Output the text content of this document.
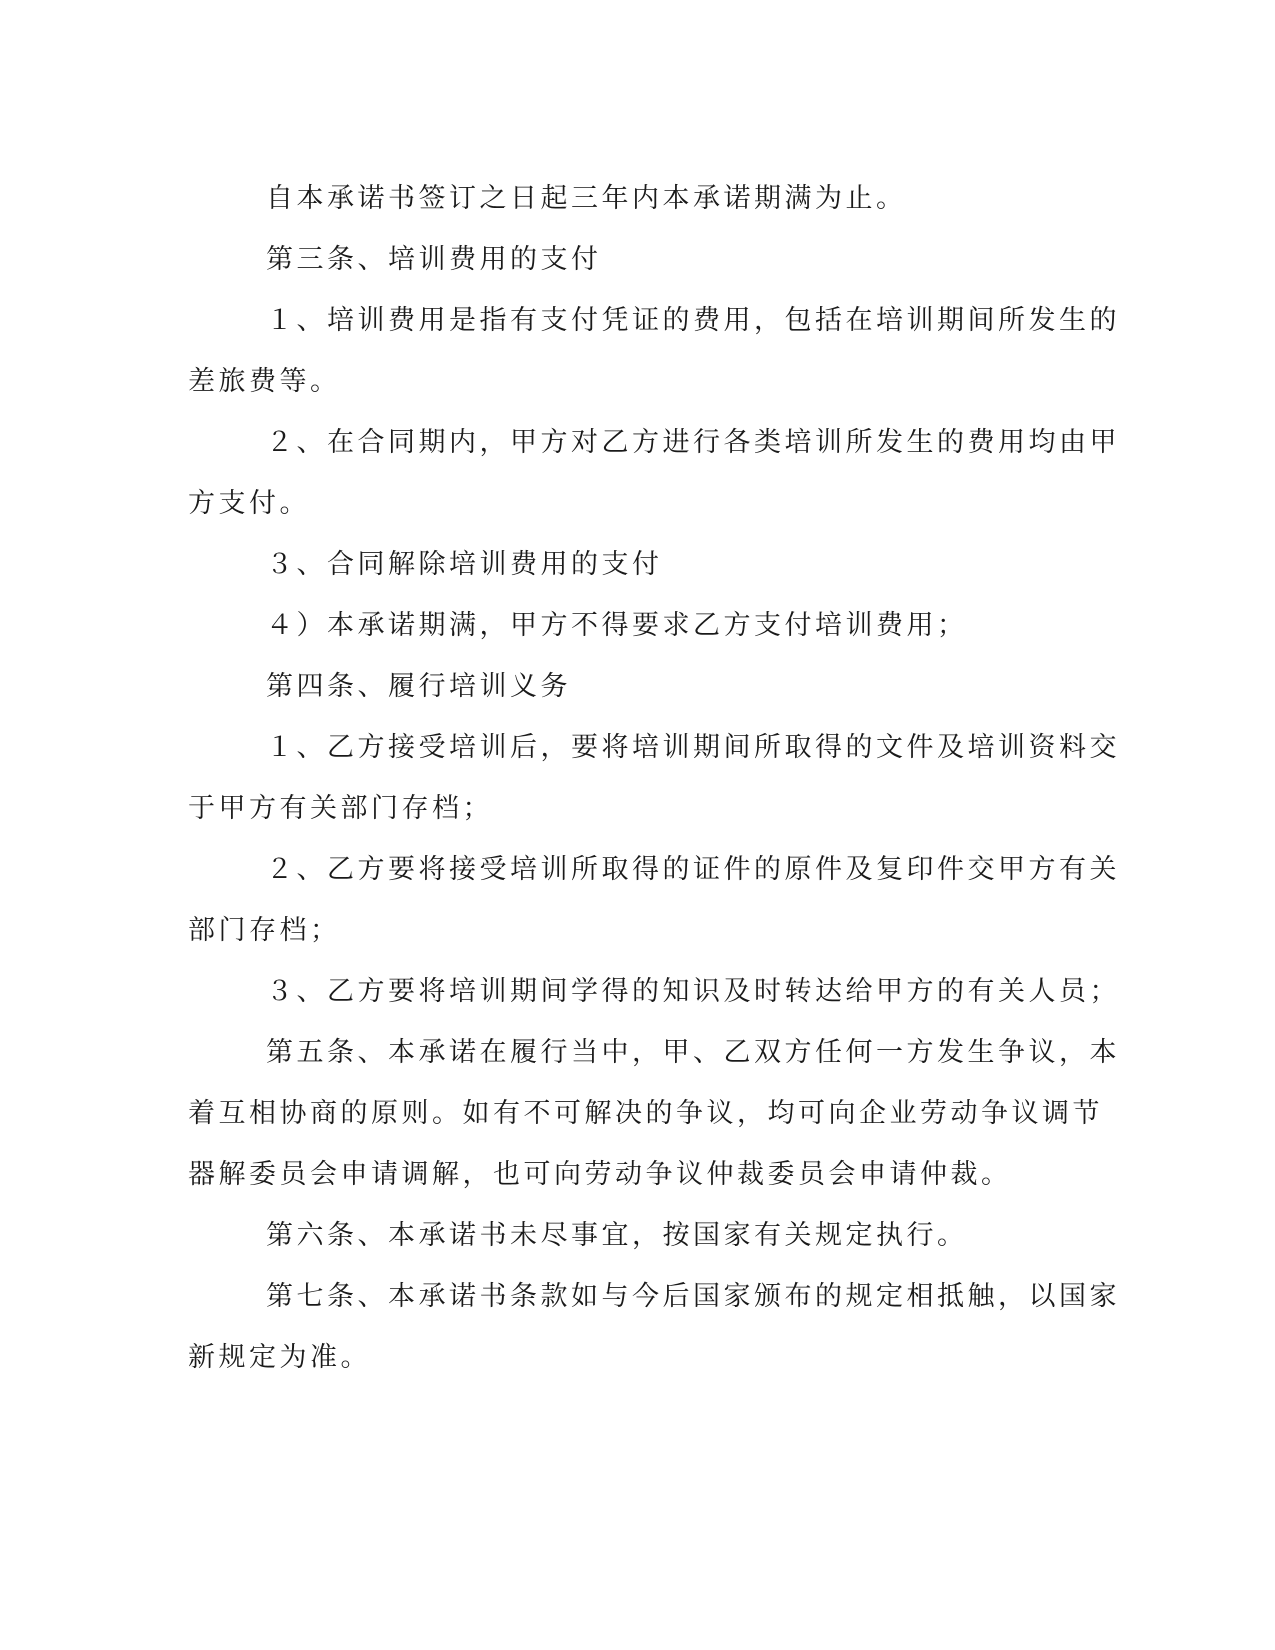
自本承诺书签订之日起三年内本承诺期满为止。

第三条、培训费用的支付

１、培训费用是指有支付凭证的费用，包括在培训期间所发生的
差旅费等。

２、在合同期内，甲方对乙方进行各类培训所发生的费用均由甲
方支付。

３、合同解除培训费用的支付

４）本承诺期满，甲方不得要求乙方支付培训费用；

第四条、履行培训义务

１、乙方接受培训后，要将培训期间所取得的文件及培训资料交
于甲方有关部门存档；

２、乙方要将接受培训所取得的证件的原件及复印件交甲方有关
部门存档；

３、乙方要将培训期间学得的知识及时转达给甲方的有关人员；

第五条、本承诺在履行当中，甲、乙双方任何一方发生争议，本
着互相协商的原则。如有不可解决的争议，均可向企业劳动争议调节
器解委员会申请调解，也可向劳动争议仲裁委员会申请仲裁。

第六条、本承诺书未尽事宜，按国家有关规定执行。

第七条、本承诺书条款如与今后国家颁布的规定相抵触，以国家
新规定为准。
